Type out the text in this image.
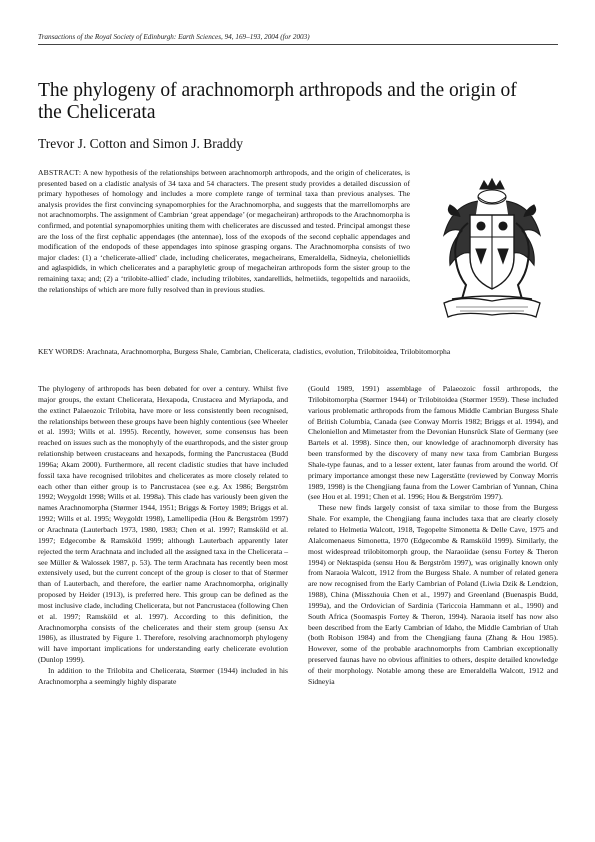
Transactions of the Royal Society of Edinburgh: Earth Sciences, 94, 169–193, 2004 (for 2003)
The phylogeny of arachnomorph arthropods and the origin of the Chelicerata

Trevor J. Cotton and Simon J. Braddy

ABSTRACT: A new hypothesis of the relationships between arachnomorph arthropods, and the origin of chelicerates, is presented based on a cladistic analysis of 34 taxa and 54 characters. The present study provides a detailed discussion of primary hypotheses of homology and includes a more complete range of terminal taxa than previous analyses. The analysis provides the first convincing synapomorphies for the Arachnomorpha, and suggests that the marrellomorphs are not arachnomorphs. The assignment of Cambrian ‘great appendage’ (or megacheiran) arthropods to the Arachnomorpha is confirmed, and potential synapomorphies uniting them with chelicerates are discussed and tested. Principal amongst these are the loss of the first cephalic appendages (the antennae), loss of the exopods of the second cephalic appendages and modification of the endopods of these appendages into spinose grasping organs. The Arachnomorpha consists of two major clades: (1) a ‘chelicerate-allied’ clade, including chelicerates, megacheirans, Emeraldella, Sidneyia, cheloniellids and aglaspidids, in which chelicerates and a paraphyletic group of megacheiran arthropods form the sister group to the remaining taxa; and; (2) a ‘trilobite-allied’ clade, including trilobites, xandarellids, helmetiids, tegopeltids and naraoiids, the relationships of which are more fully resolved than in previous studies.

KEY WORDS: Arachnata, Arachnomorpha, Burgess Shale, Cambrian, Chelicerata, cladistics, evolution, Trilobitoidea, Trilobitomorpha

The phylogeny of arthropods has been debated for over a century. Whilst five major groups, the extant Chelicerata, Hexapoda, Crustacea and Myriapoda, and the extinct Palaeozoic Trilobita, have more or less consistently been recognised, the relationships between these groups have been highly contentious (see Wheeler et al. 1993; Wills et al. 1995). Recently, however, some consensus has been reached on issues such as the monophyly of the euarthropods, and the sister group relationship between crustaceans and hexapods, forming the Pancrustacea (Budd 1996a; Akam 2000). Furthermore, all recent cladistic studies that have included fossil taxa have recognised trilobites and chelicerates as more closely related to each other than either group is to Pancrustacea (see e.g. Ax 1986; Bergström 1992; Weygoldt 1998; Wills et al. 1998a). This clade has variously been given the names Arachnomorpha (Størmer 1944, 1951; Briggs & Fortey 1989; Briggs et al. 1992; Wills et al. 1995; Weygoldt 1998), Lamellipedia (Hou & Bergström 1997) or Arachnata (Lauterbach 1973, 1980, 1983; Chen et al. 1997; Ramsköld et al. 1997; Edgecombe & Ramsköld 1999; although Lauterbach apparently later rejected the term Arachnata and included all the assigned taxa in the Chelicerata – see Müller & Walossek 1987, p. 53). The term Arachnata has recently been most extensively used, but the current concept of the group is closer to that of Størmer than of Lauterbach, and therefore, the earlier name Arachnomorpha, originally proposed by Heider (1913), is preferred here. This group can be defined as the most inclusive clade, including Chelicerata, but not Pancrustacea (following Chen et al. 1997; Ramsköld et al. 1997). According to this definition, the Arachnomorpha consists of the chelicerates and their stem group (sensu Ax 1986), as illustrated by Figure 1. Therefore, resolving arachnomorph phylogeny will have important implications for understanding early chelicerate evolution (Dunlop 1999).

In addition to the Trilobita and Chelicerata, Størmer (1944) included in his Arachnomorpha a seemingly highly disparate

(Gould 1989, 1991) assemblage of Palaeozoic fossil arthropods, the Trilobitomorpha (Størmer 1944) or Trilobitoidea (Størmer 1959). These included various problematic arthropods from the famous Middle Cambrian Burgess Shale of British Columbia, Canada (see Conway Morris 1982; Briggs et al. 1994), and Cheloniellon and Mimetaster from the Devonian Hunsrück Slate of Germany (see Bartels et al. 1998). Since then, our knowledge of arachnomorph diversity has been transformed by the discovery of many new taxa from Cambrian Burgess Shale-type faunas, and to a lesser extent, later faunas from around the world. Of primary importance amongst these new Lagerstätte (reviewed by Conway Morris 1989, 1998) is the Chengjiang fauna from the Lower Cambrian of Yunnan, China (see Hou et al. 1991; Chen et al. 1996; Hou & Bergström 1997).

These new finds largely consist of taxa similar to those from the Burgess Shale. For example, the Chengjiang fauna includes taxa that are clearly closely related to Helmetia Walcott, 1918, Tegopelte Simonetta & Delle Cave, 1975 and Alalcomenaeus Simonetta, 1970 (Edgecombe & Ramsköld 1999). Similarly, the most widespread trilobitomorph group, the Naraoiidae (sensu Fortey & Theron 1994) or Nektaspida (sensu Hou & Bergström 1997), was originally known only from Naraoia Walcott, 1912 from the Burgess Shale. A number of related genera are now recognised from the Early Cambrian of Poland (Liwia Dzik & Lendzion, 1988), China (Misszhouia Chen et al., 1997) and Greenland (Buenaspis Budd, 1999a), and the Ordovician of Sardinia (Tariccoia Hammann et al., 1990) and South Africa (Soomaspis Fortey & Theron, 1994). Naraoia itself has now also been described from the Early Cambrian of Idaho, the Middle Cambrian of Utah (both Robison 1984) and from the Chengjiang fauna (Zhang & Hou 1985). However, some of the probable arachnomorphs from Cambrian exceptionally preserved faunas have no obvious affinities to others, despite detailed knowledge of their morphology. Notable among these are Emeraldella Walcott, 1912 and Sidneyia
